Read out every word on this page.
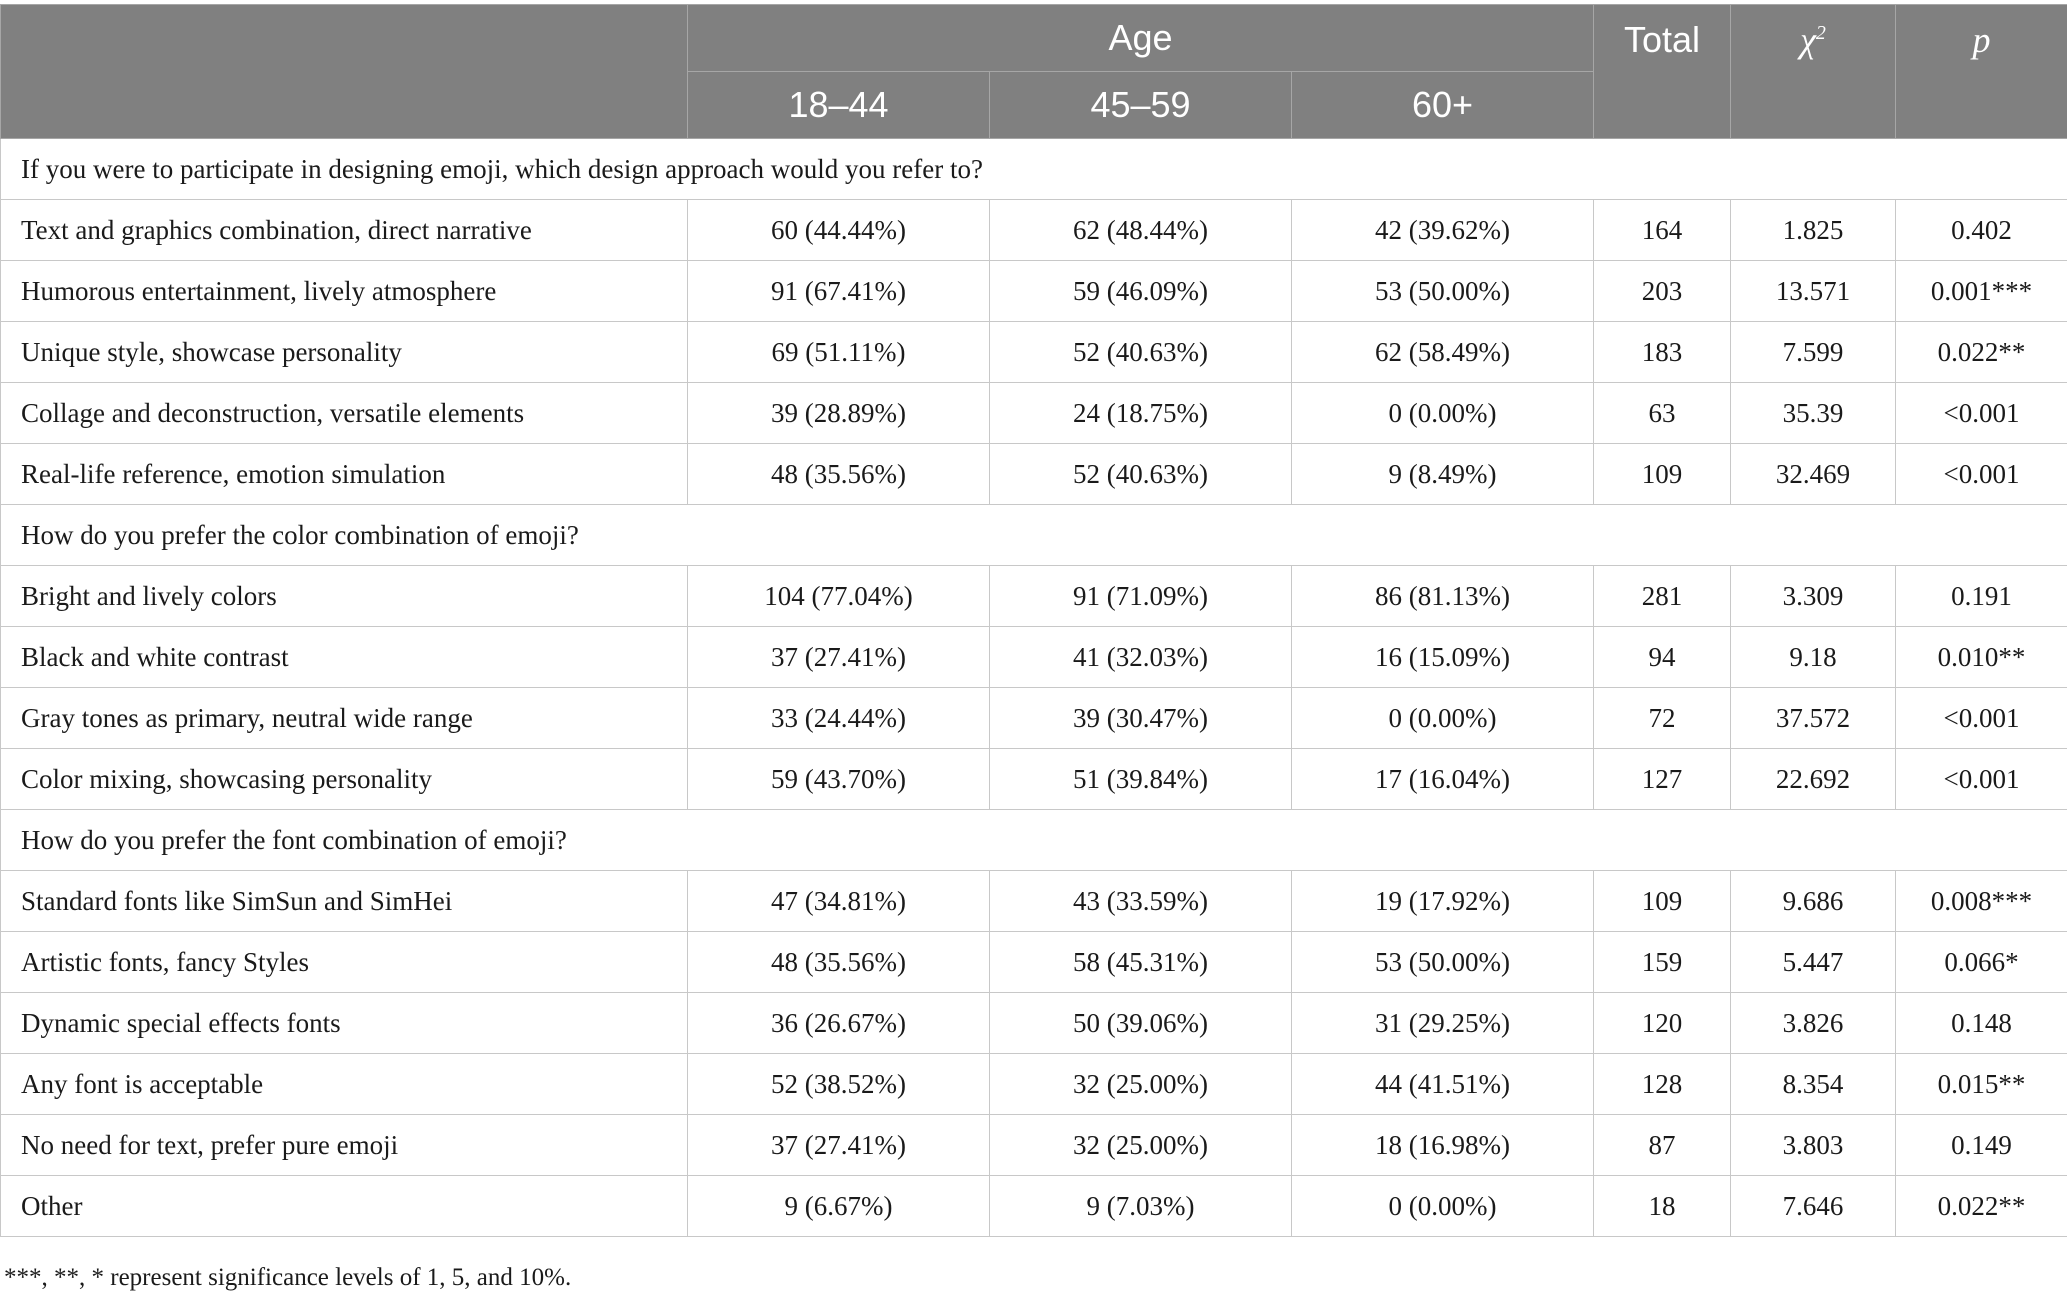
	Age			Total	$\chi^2$	p
	18–44	45–59	60+			
If you were to participate in designing emoji, which design approach would you refer to?						
Text and graphics combination, direct narrative	60 (44.44%)	62 (48.44%)	42 (39.62%)	164	1.825	0.402
Humorous entertainment, lively atmosphere	91 (67.41%)	59 (46.09%)	53 (50.00%)	203	13.571	0.001***
Unique style, showcase personality	69 (51.11%)	52 (40.63%)	62 (58.49%)	183	7.599	0.022**
Collage and deconstruction, versatile elements	39 (28.89%)	24 (18.75%)	0 (0.00%)	63	35.39	<0.001
Real-life reference, emotion simulation	48 (35.56%)	52 (40.63%)	9 (8.49%)	109	32.469	<0.001
How do you prefer the color combination of emoji?						
Bright and lively colors	104 (77.04%)	91 (71.09%)	86 (81.13%)	281	3.309	0.191
Black and white contrast	37 (27.41%)	41 (32.03%)	16 (15.09%)	94	9.18	0.010**
Gray tones as primary, neutral wide range	33 (24.44%)	39 (30.47%)	0 (0.00%)	72	37.572	<0.001
Color mixing, showcasing personality	59 (43.70%)	51 (39.84%)	17 (16.04%)	127	22.692	<0.001
How do you prefer the font combination of emoji?						
Standard fonts like SimSun and SimHei	47 (34.81%)	43 (33.59%)	19 (17.92%)	109	9.686	0.008***
Artistic fonts, fancy Styles	48 (35.56%)	58 (45.31%)	53 (50.00%)	159	5.447	0.066*
Dynamic special effects fonts	36 (26.67%)	50 (39.06%)	31 (29.25%)	120	3.826	0.148
Any font is acceptable	52 (38.52%)	32 (25.00%)	44 (41.51%)	128	8.354	0.015**
No need for text, prefer pure emoji	37 (27.41%)	32 (25.00%)	18 (16.98%)	87	3.803	0.149
Other	9 (6.67%)	9 (7.03%)	0 (0.00%)	18	7.646	0.022**
***, **, * represent significance levels of 1, 5, and 10%.
